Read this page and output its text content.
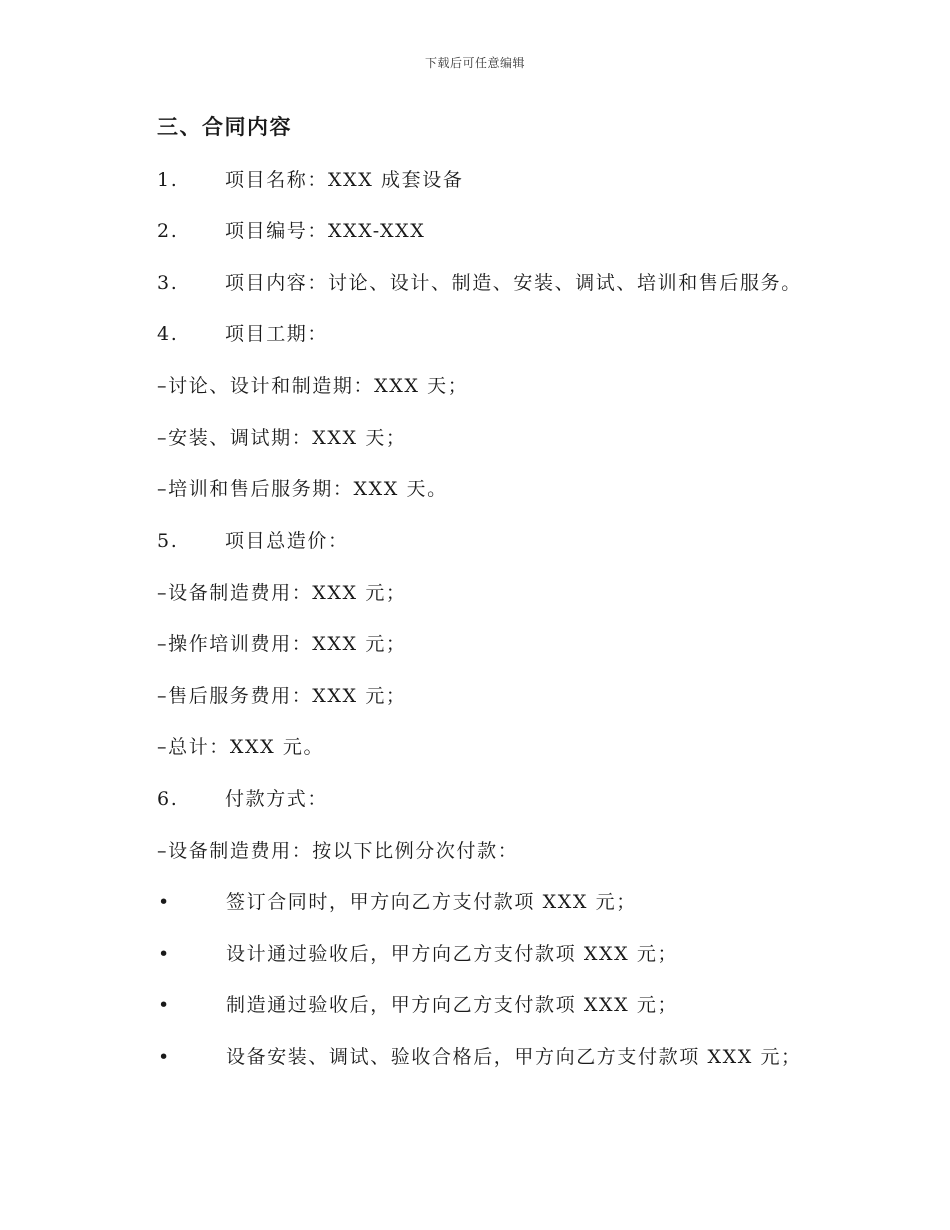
下载后可任意编辑
三、合同内容
1. 项目名称：XXX 成套设备
2. 项目编号：XXX-XXX
3. 项目内容：讨论、设计、制造、安装、调试、培训和售后服务。
4. 项目工期：
–讨论、设计和制造期：XXX 天；
–安装、调试期：XXX 天；
–培训和售后服务期：XXX 天。
5. 项目总造价：
–设备制造费用：XXX 元；
–操作培训费用：XXX 元；
–售后服务费用：XXX 元；
–总计：XXX 元。
6. 付款方式：
–设备制造费用：按以下比例分次付款：
•	签订合同时，甲方向乙方支付款项 XXX 元；
•	设计通过验收后，甲方向乙方支付款项 XXX 元；
•	制造通过验收后，甲方向乙方支付款项 XXX 元；
•	设备安装、调试、验收合格后，甲方向乙方支付款项 XXX 元；
